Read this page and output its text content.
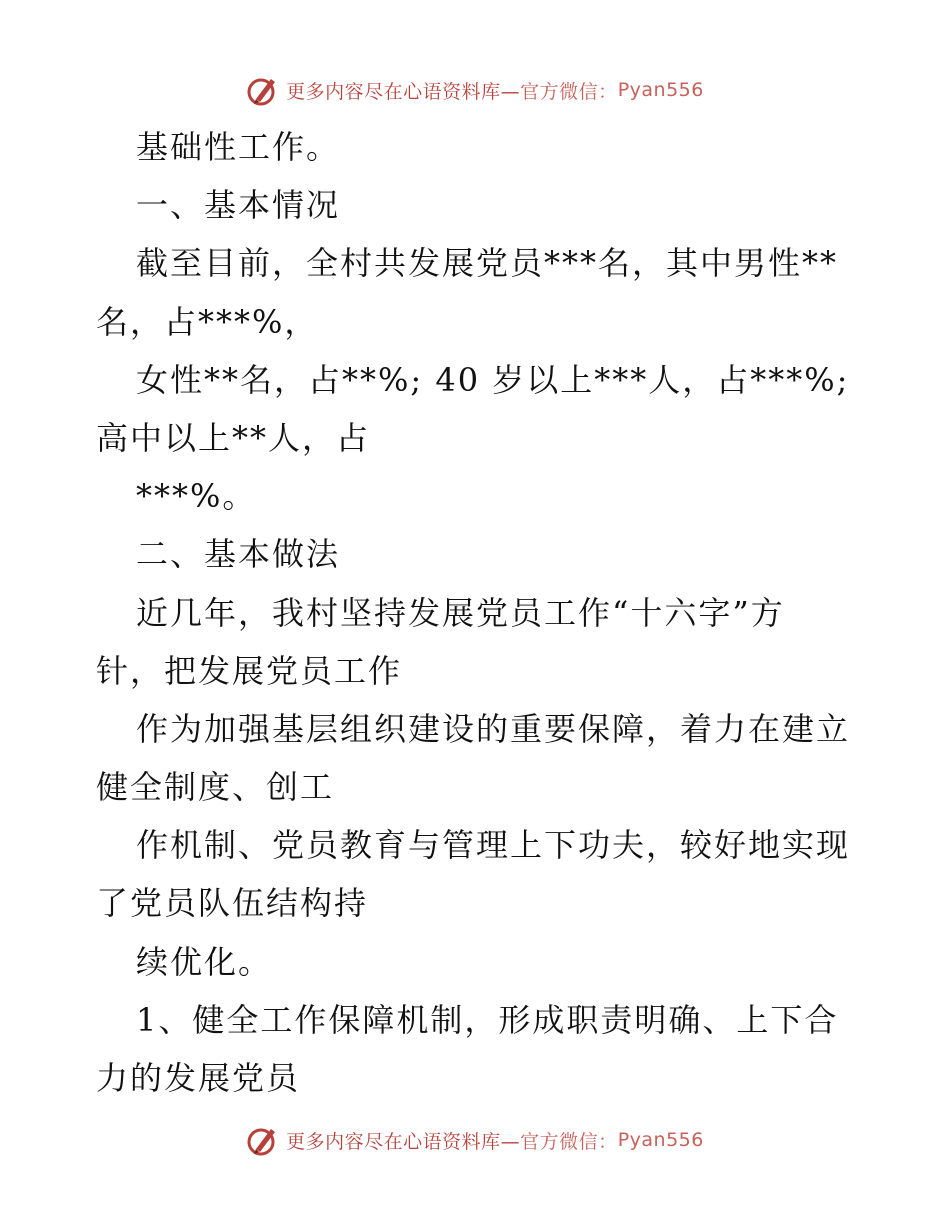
更多内容尽在心语资料库— 官方微信： Pyan556
基础性工作。
一、基本情况
截至目前，全村共发展党员***名，其中男性**
名，占***%，
女性**名，占**%; 40 岁以上***人，占***%;
高中以上**人，占
***%。
二、基本做法
近几年，我村坚持发展党员工作“十六字”方
针，把发展党员工作
作为加强基层组织建设的重要保障，着力在建立
健全制度、创工
作机制、党员教育与管理上下功夫，较好地实现
了党员队伍结构持
续优化。
1、健全工作保障机制，形成职责明确、上下合
力的发展党员
更多内容尽在心语资料库— 官方微信： Pyan556
